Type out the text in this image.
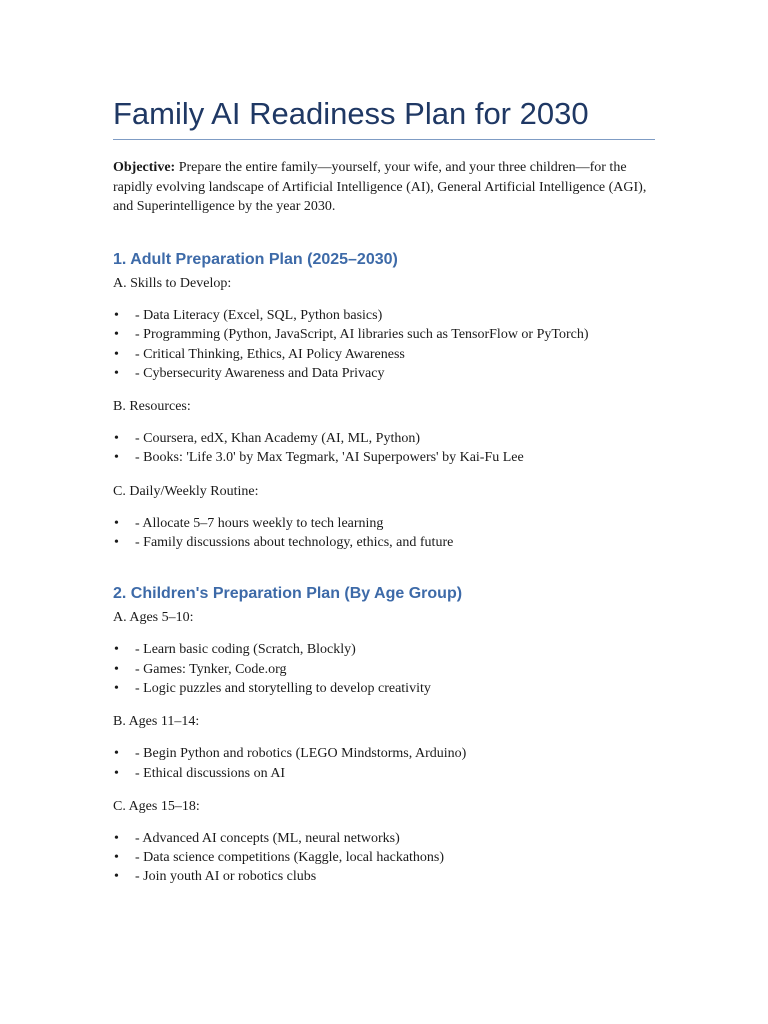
Family AI Readiness Plan for 2030

Objective: Prepare the entire family—yourself, your wife, and your three children—for the rapidly evolving landscape of Artificial Intelligence (AI), General Artificial Intelligence (AGI), and Superintelligence by the year 2030.

1. Adult Preparation Plan (2025–2030)

A. Skills to Develop:

• - Data Literacy (Excel, SQL, Python basics)
• - Programming (Python, JavaScript, AI libraries such as TensorFlow or PyTorch)
• - Critical Thinking, Ethics, AI Policy Awareness
• - Cybersecurity Awareness and Data Privacy

B. Resources:

• - Coursera, edX, Khan Academy (AI, ML, Python)
• - Books: 'Life 3.0' by Max Tegmark, 'AI Superpowers' by Kai-Fu Lee

C. Daily/Weekly Routine:

• - Allocate 5–7 hours weekly to tech learning
• - Family discussions about technology, ethics, and future
2. Children's Preparation Plan (By Age Group)

A. Ages 5–10:

• - Learn basic coding (Scratch, Blockly)
• - Games: Tynker, Code.org
• - Logic puzzles and storytelling to develop creativity

B. Ages 11–14:

• - Begin Python and robotics (LEGO Mindstorms, Arduino)
• - Ethical discussions on AI

C. Ages 15–18:

• - Advanced AI concepts (ML, neural networks)
• - Data science competitions (Kaggle, local hackathons)
• - Join youth AI or robotics clubs
